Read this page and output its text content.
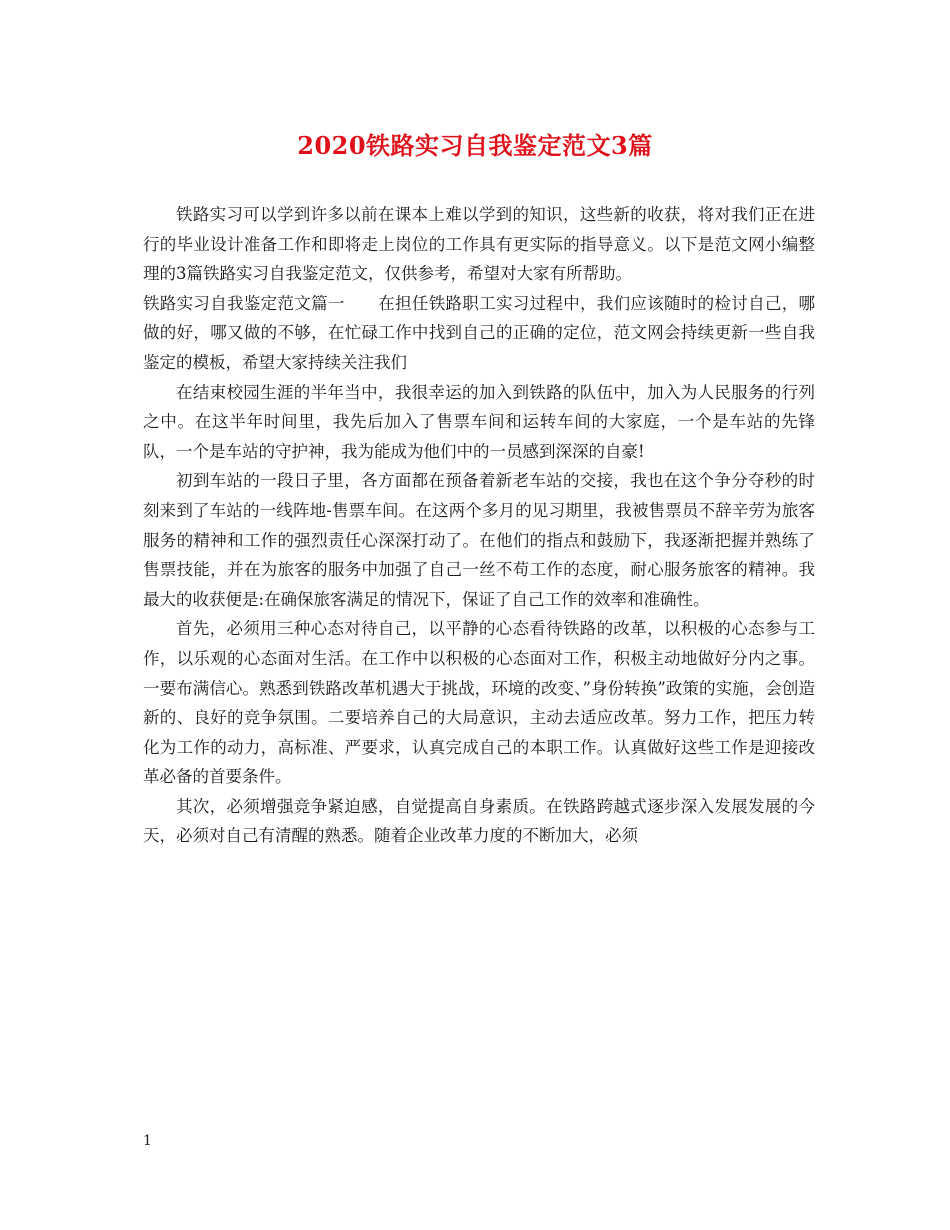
2020铁路实习自我鉴定范文3篇

铁路实习可以学到许多以前在课本上难以学到的知识，这些新的收获，将对我们正在进行的毕业设计准备工作和即将走上岗位的工作具有更实际的指导意义。以下是范文网小编整理的3篇铁路实习自我鉴定范文，仅供参考，希望对大家有所帮助。

铁路实习自我鉴定范文篇一　　在担任铁路职工实习过程中，我们应该随时的检讨自己，哪做的好，哪又做的不够，在忙碌工作中找到自己的正确的定位，范文网会持续更新一些自我鉴定的模板，希望大家持续关注我们

在结束校园生涯的半年当中，我很幸运的加入到铁路的队伍中，加入为人民服务的行列之中。在这半年时间里，我先后加入了售票车间和运转车间的大家庭，一个是车站的先锋队，一个是车站的守护神，我为能成为他们中的一员感到深深的自豪!

初到车站的一段日子里，各方面都在预备着新老车站的交接，我也在这个争分夺秒的时刻来到了车站的一线阵地-售票车间。在这两个多月的见习期里，我被售票员不辞辛劳为旅客服务的精神和工作的强烈责任心深深打动了。在他们的指点和鼓励下，我逐渐把握并熟练了售票技能，并在为旅客的服务中加强了自己一丝不苟工作的态度，耐心服务旅客的精神。我最大的收获便是:在确保旅客满足的情况下，保证了自己工作的效率和准确性。

首先，必须用三种心态对待自己，以平静的心态看待铁路的改革，以积极的心态参与工作，以乐观的心态面对生活。在工作中以积极的心态面对工作，积极主动地做好分内之事。一要布满信心。熟悉到铁路改革机遇大于挑战，环境的改变、”身份转换”政策的实施，会创造新的、良好的竞争氛围。二要培养自己的大局意识，主动去适应改革。努力工作，把压力转化为工作的动力，高标准、严要求，认真完成自己的本职工作。认真做好这些工作是迎接改革必备的首要条件。

其次，必须增强竞争紧迫感，自觉提高自身素质。在铁路跨越式逐步深入发展发展的今天，必须对自己有清醒的熟悉。随着企业改革力度的不断加大，必须

1
